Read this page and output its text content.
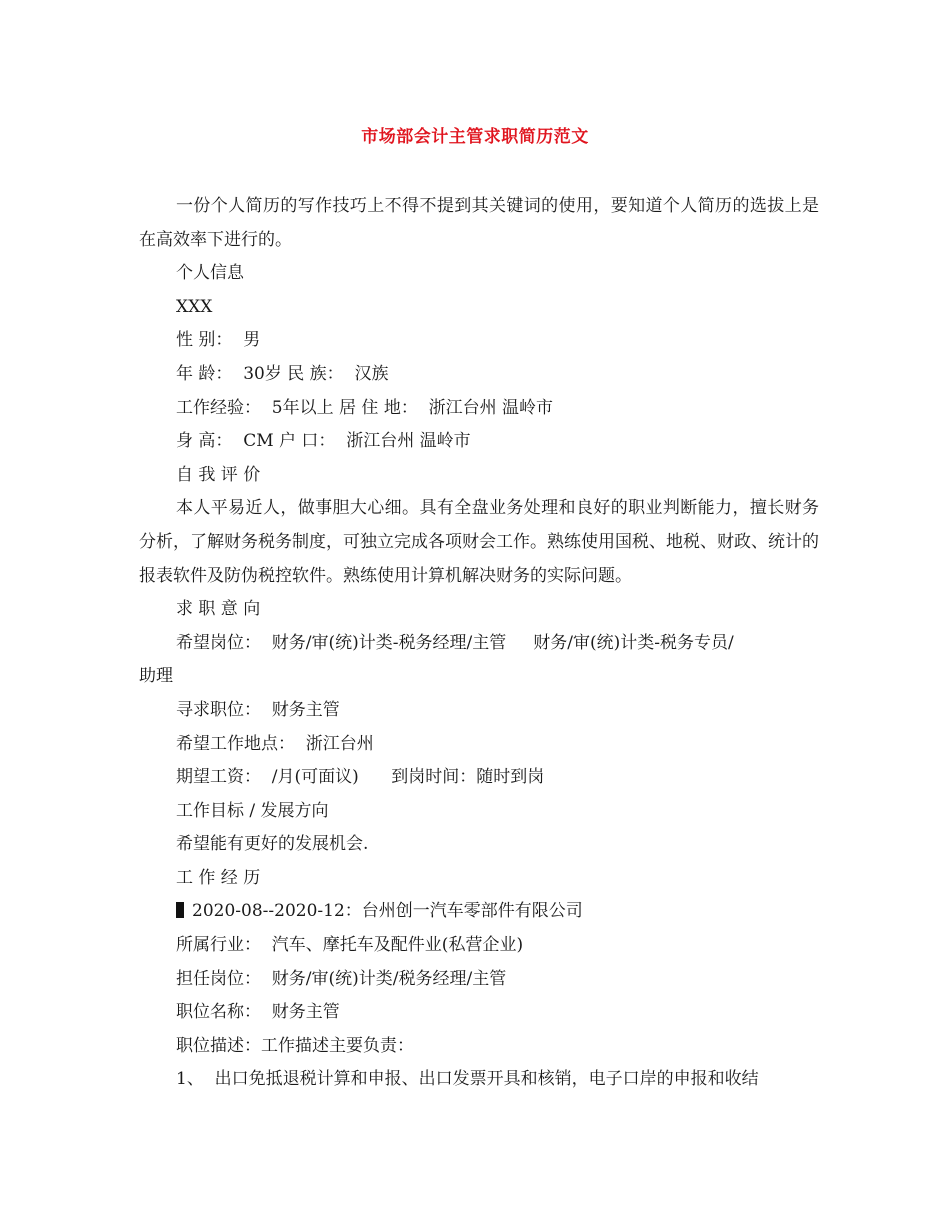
市场部会计主管求职简历范文

一份个人简历的写作技巧上不得不提到其关键词的使用，要知道个人简历的选拔上是在高效率下进行的。

个人信息

XXX

性 别：  男

年 龄：  30岁 民 族：  汉族

工作经验：  5年以上 居 住 地：  浙江台州 温岭市

身 高：  CM 户 口：  浙江台州 温岭市

自 我 评 价

本人平易近人，做事胆大心细。具有全盘业务处理和良好的职业判断能力，擅长财务分析，了解财务税务制度，可独立完成各项财会工作。熟练使用国税、地税、财政、统计的报表软件及防伪税控软件。熟练使用计算机解决财务的实际问题。

求 职 意 向

希望岗位：  财务/审(统)计类-税务经理/主管     财务/审(统)计类-税务专员/

助理

寻求职位：  财务主管

希望工作地点：  浙江台州

期望工资：  /月(可面议)      到岗时间：随时到岗

工作目标 / 发展方向

希望能有更好的发展机会.

工 作 经 历

2020-08--2020-12：台州创一汽车零部件有限公司

所属行业：  汽车、摩托车及配件业(私营企业)

担任岗位：  财务/审(统)计类/税务经理/主管

职位名称：  财务主管

职位描述：工作描述主要负责：

1、  出口免抵退税计算和申报、出口发票开具和核销，电子口岸的申报和收结
